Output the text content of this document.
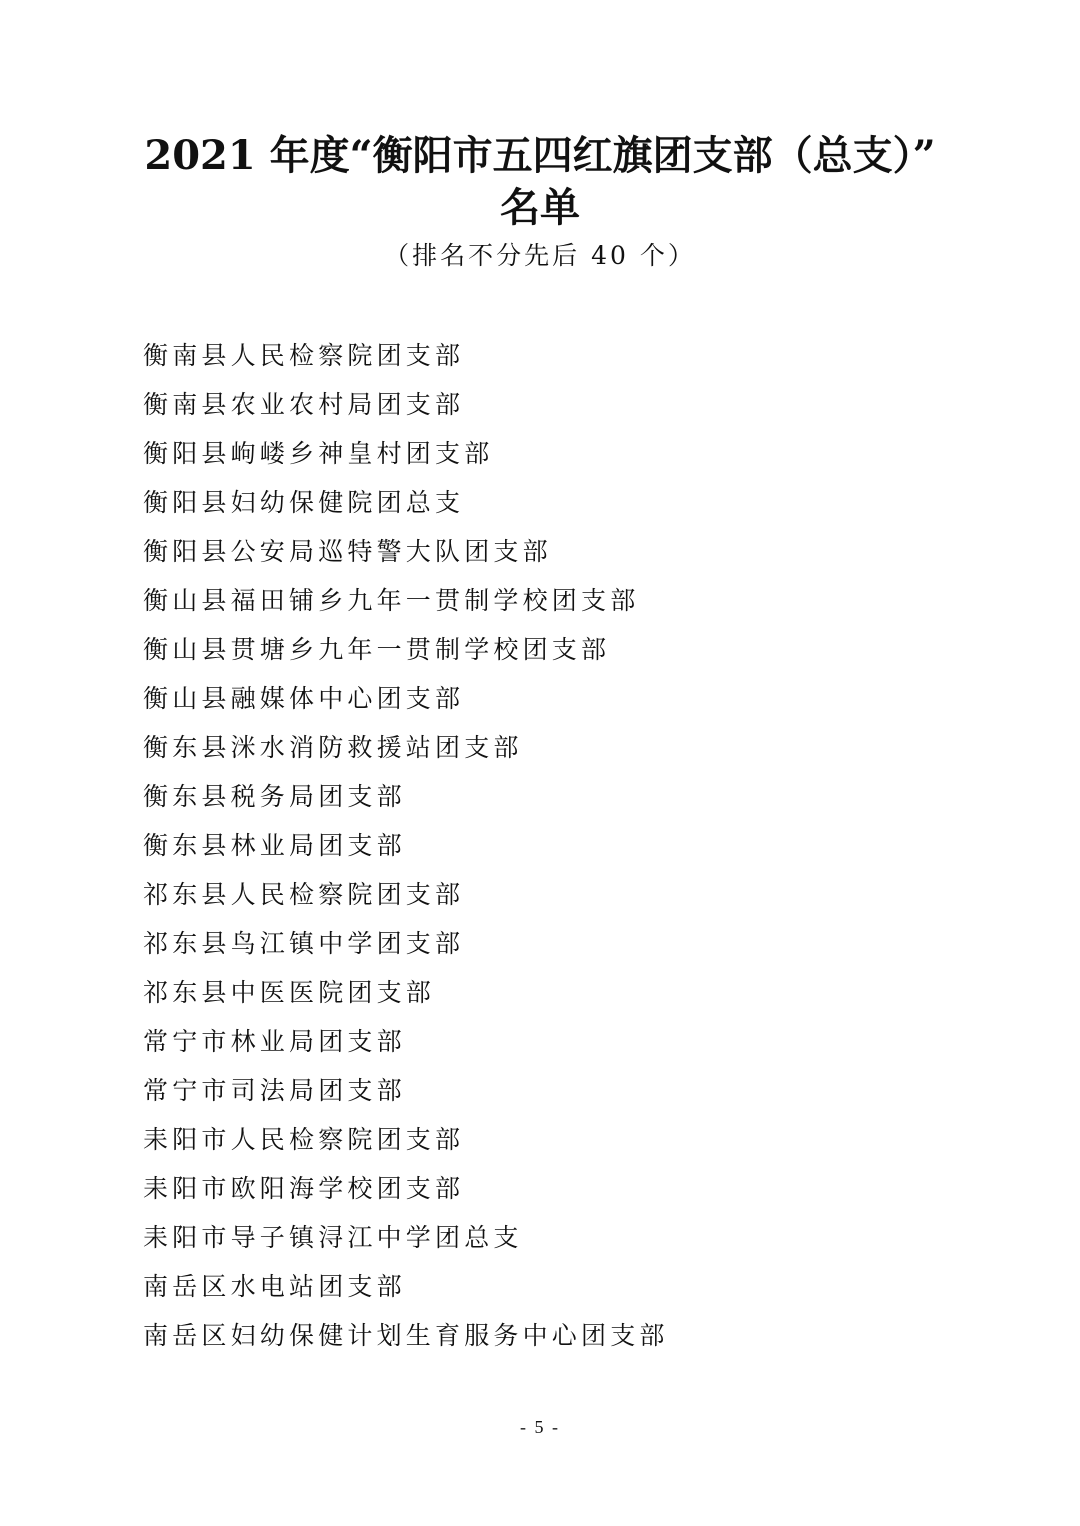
2021 年度“衡阳市五四红旗团支部（总支）”
名单
（排名不分先后 40 个）
衡南县人民检察院团支部
衡南县农业农村局团支部
衡阳县岣嵝乡神皇村团支部
衡阳县妇幼保健院团总支
衡阳县公安局巡特警大队团支部
衡山县福田铺乡九年一贯制学校团支部
衡山县贯塘乡九年一贯制学校团支部
衡山县融媒体中心团支部
衡东县洣水消防救援站团支部
衡东县税务局团支部
衡东县林业局团支部
祁东县人民检察院团支部
祁东县鸟江镇中学团支部
祁东县中医医院团支部
常宁市林业局团支部
常宁市司法局团支部
耒阳市人民检察院团支部
耒阳市欧阳海学校团支部
耒阳市导子镇浔江中学团总支
南岳区水电站团支部
南岳区妇幼保健计划生育服务中心团支部
- 5 -
